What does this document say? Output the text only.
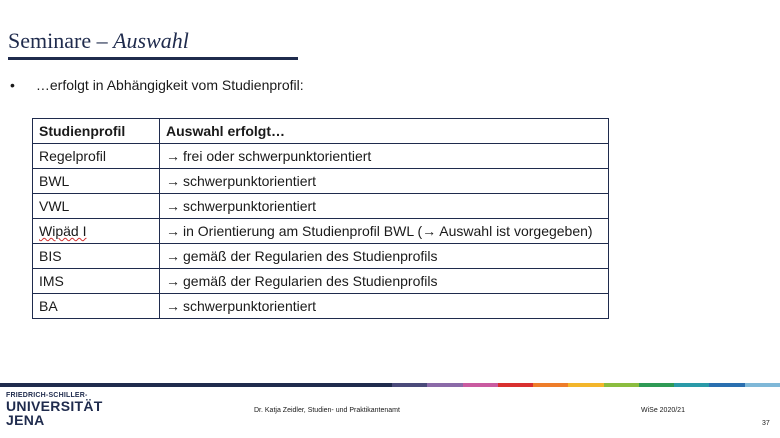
Seminare – Auswahl
• …erfolgt in Abhängigkeit vom Studienprofil:
Studienprofil	Auswahl erfolgt…
Regelprofil	→ frei oder schwerpunktorientiert
BWL	→ schwerpunktorientiert
VWL	→ schwerpunktorientiert
Wipäd I	→ in Orientierung am Studienprofil BWL (→ Auswahl ist vorgegeben)
BIS	→ gemäß der Regularien des Studienprofils
IMS	→ gemäß der Regularien des Studienprofils
BA	→ schwerpunktorientiert
FRIEDRICH-SCHILLER-
UNIVERSITÄT
JENA
Dr. Katja Zeidler, Studien- und Praktikantenamt	WiSe 2020/21
37
